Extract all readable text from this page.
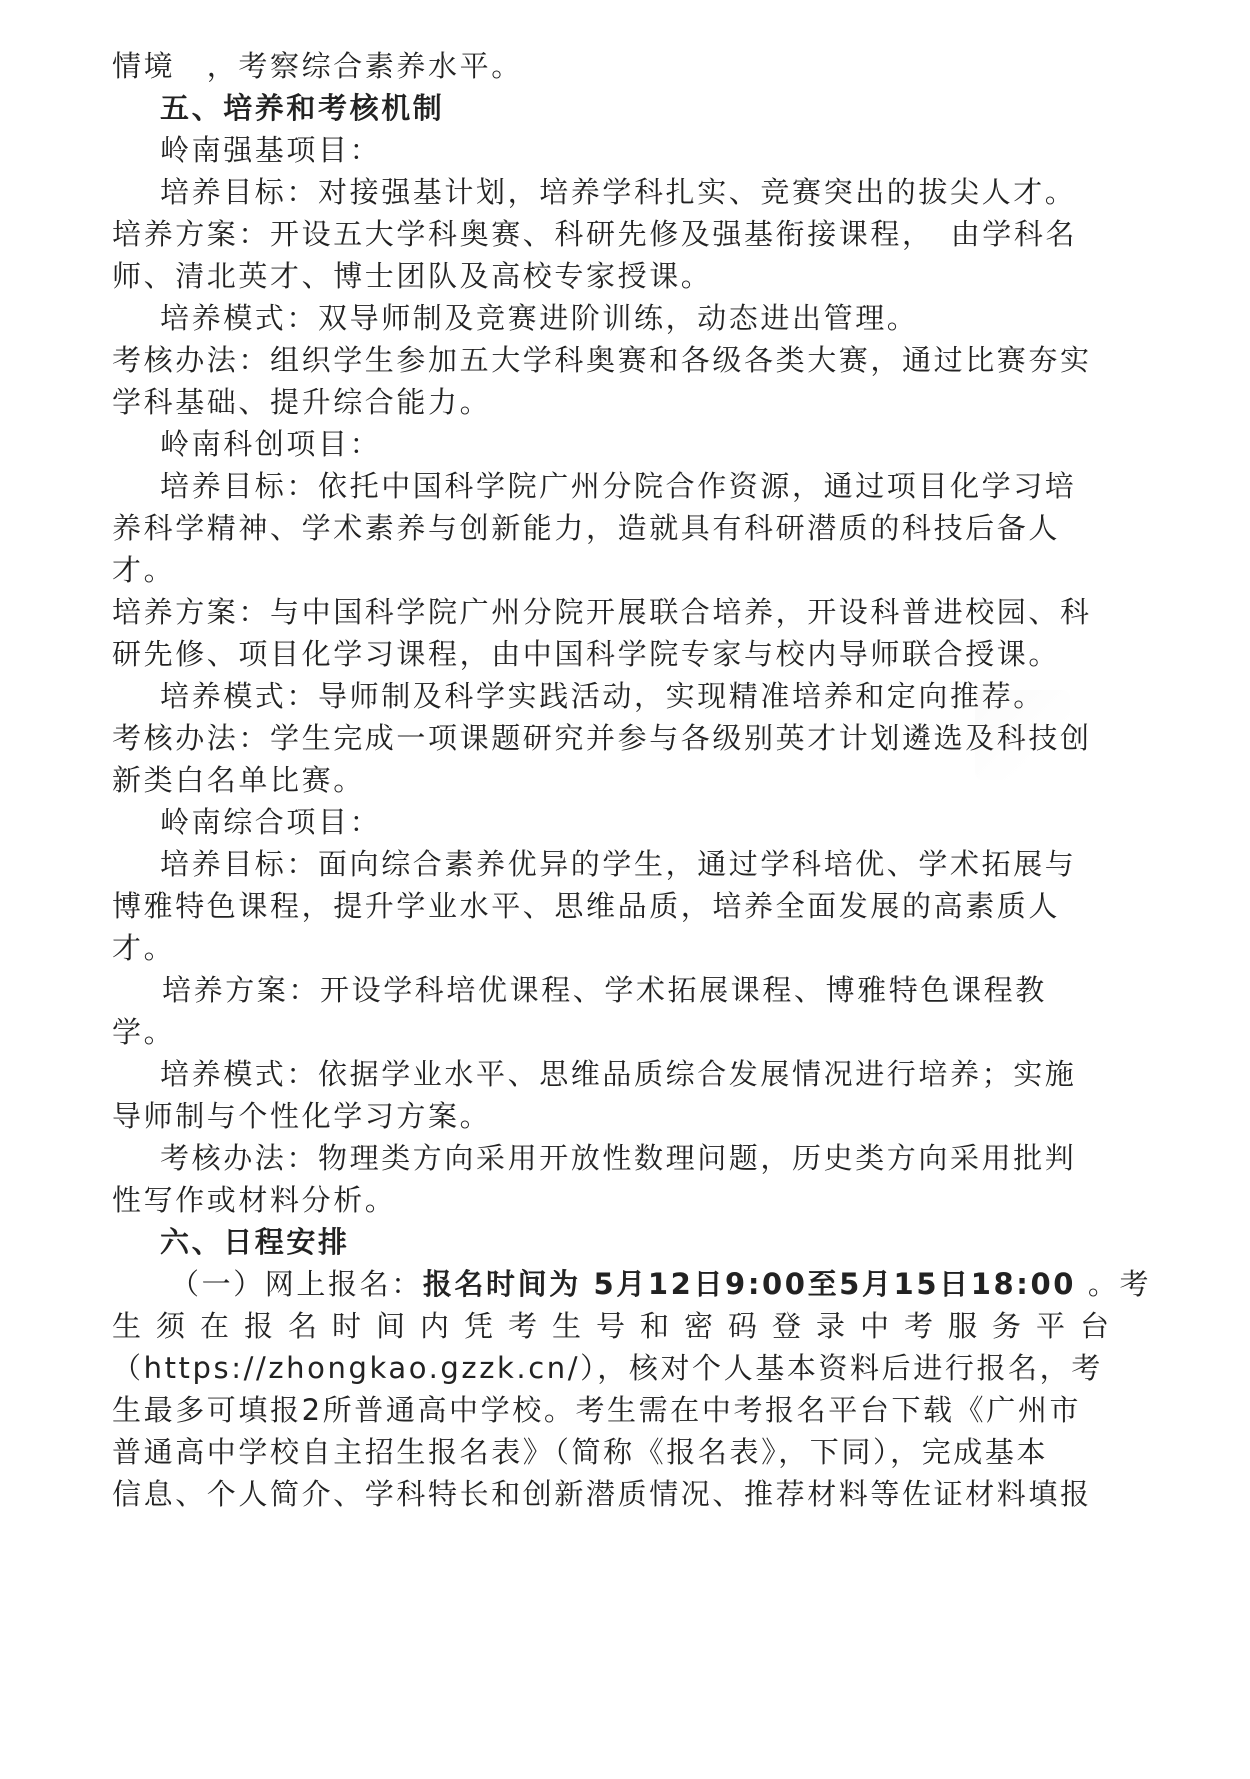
情境　，考察综合素养水平。
五、培养和考核机制
岭南强基项目：
培养目标：对接强基计划，培养学科扎实、竞赛突出的拔尖人才。
培养方案：开设五大学科奥赛、科研先修及强基衔接课程，　由学科名
师、清北英才、博士团队及高校专家授课。
培养模式：双导师制及竞赛进阶训练，动态进出管理。
考核办法：组织学生参加五大学科奥赛和各级各类大赛，通过比赛夯实
学科基础、提升综合能力。
岭南科创项目：
培养目标：依托中国科学院广州分院合作资源，通过项目化学习培
养科学精神、学术素养与创新能力，造就具有科研潜质的科技后备人
才。
培养方案：与中国科学院广州分院开展联合培养，开设科普进校园、科
研先修、项目化学习课程，由中国科学院专家与校内导师联合授课。
培养模式：导师制及科学实践活动，实现精准培养和定向推荐。
考核办法：学生完成一项课题研究并参与各级别英才计划遴选及科技创
新类白名单比赛。
岭南综合项目：
培养目标：面向综合素养优异的学生，通过学科培优、学术拓展与
博雅特色课程，提升学业水平、思维品质，培养全面发展的高素质人
才。
培养方案：开设学科培优课程、学术拓展课程、博雅特色课程教
学。
培养模式：依据学业水平、思维品质综合发展情况进行培养；实施
导师制与个性化学习方案。
考核办法：物理类方向采用开放性数理问题，历史类方向采用批判
性写作或材料分析。
六、日程安排
（一）网上报名：报名时间为 5月12日9:00至5月15日18:00 。考
生须在报名时间内凭考生号和密码登录中考服务平台
（https://zhongkao.gzzk.cn/），核对个人基本资料后进行报名，考
生最多可填报2所普通高中学校。考生需在中考报名平台下载《广州市
普通高中学校自主招生报名表》（简称《报名表》，下同），完成基本
信息、个人简介、学科特长和创新潜质情况、推荐材料等佐证材料填报
